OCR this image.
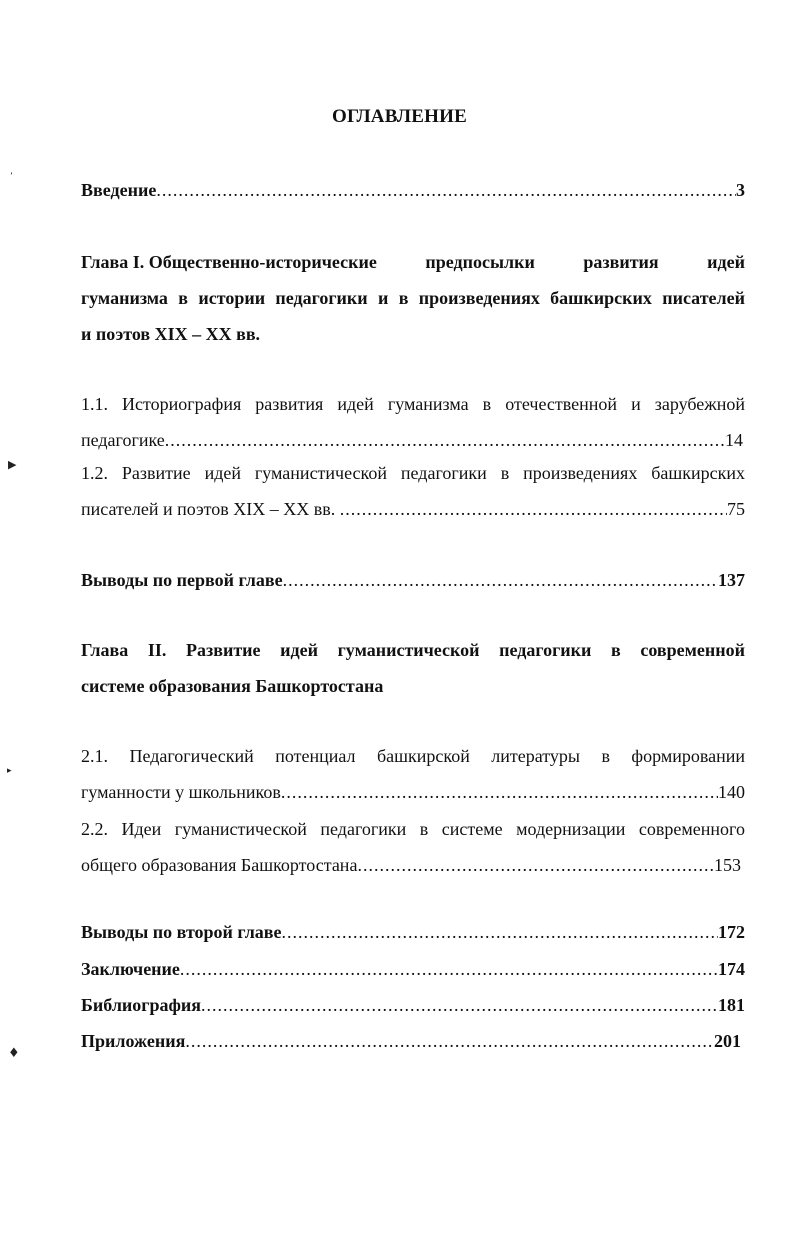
ʼ
▶
▸
♦
ОГЛАВЛЕНИЕ
Введение .....	3
Глава I. Общественно-исторические	предпосылки	развития	идей
гуманизма в истории педагогики и в произведениях башкирских писателей
и поэтов XIX – XX вв.
1.1. Историография развития идей гуманизма в отечественной и зарубежной
педагогике .....	14
1.2. Развитие идей гуманистической педагогики в произведениях башкирских
писателей и поэтов XIX – XX вв. .....	75
Выводы по первой главе .....	137
Глава II. Развитие идей гуманистической педагогики в современной
системе образования Башкортостана
2.1. Педагогический потенциал башкирской литературы в формировании
гуманности у школьников .....	140
2.2. Идеи гуманистической педагогики в системе модернизации современного
общего образования Башкортостана .....	153
Выводы по второй главе .....	172
Заключение .....	174
Библиография .....	181
Приложения .....	201
